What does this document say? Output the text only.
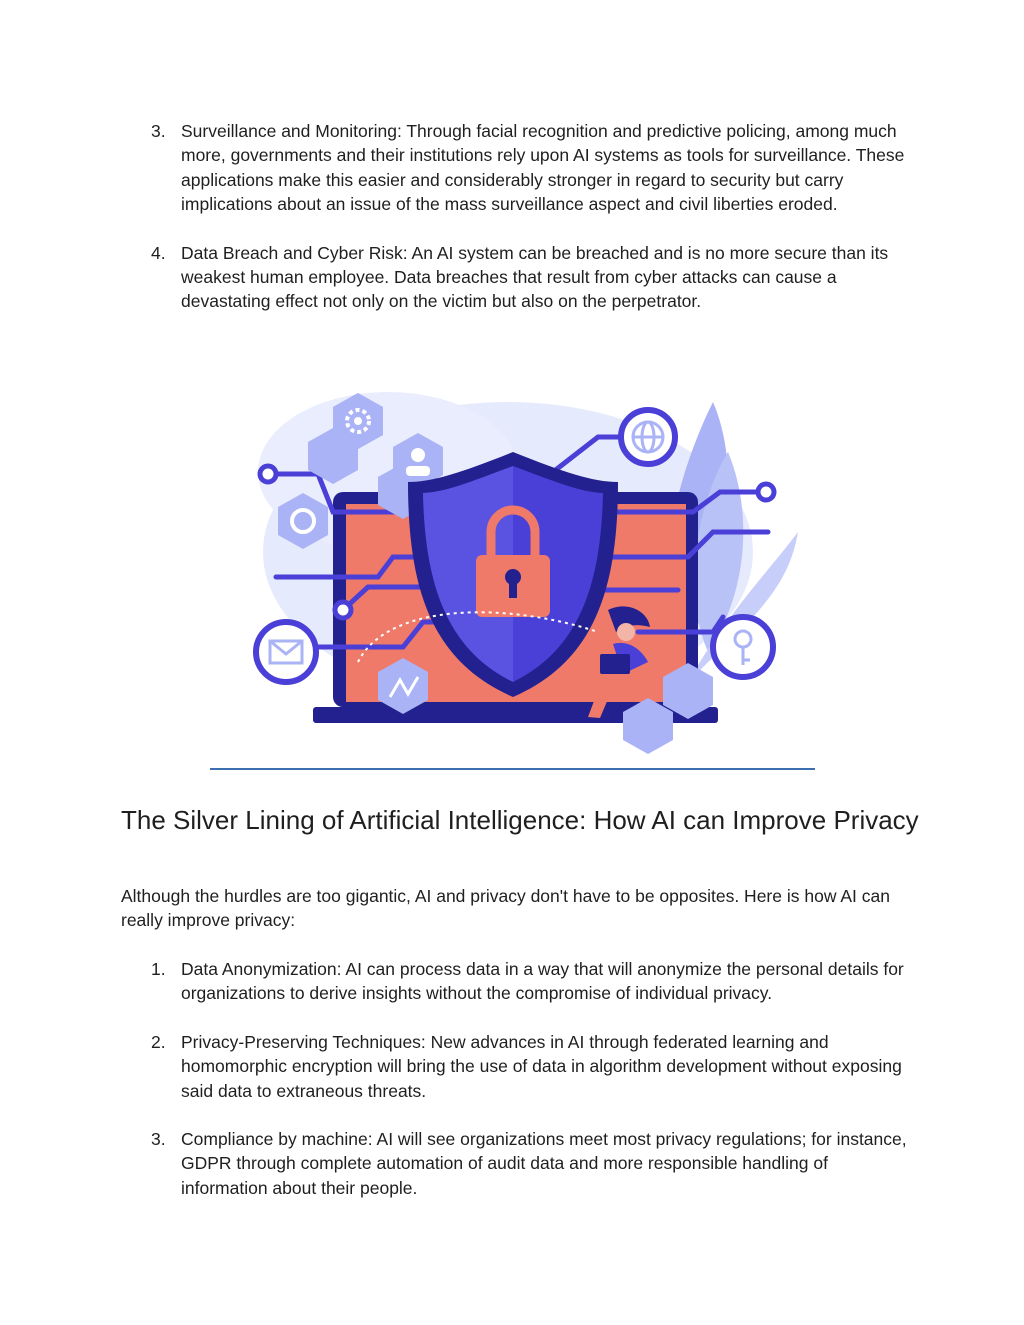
3. Surveillance and Monitoring: Through facial recognition and predictive policing, among much more, governments and their institutions rely upon AI systems as tools for surveillance. These applications make this easier and considerably stronger in regard to security but carry implications about an issue of the mass surveillance aspect and civil liberties eroded.
4. Data Breach and Cyber Risk: An AI system can be breached and is no more secure than its weakest human employee. Data breaches that result from cyber attacks can cause a devastating effect not only on the victim but also on the perpetrator.
The Silver Lining of Artificial Intelligence: How AI can Improve Privacy

Although the hurdles are too gigantic, AI and privacy don't have to be opposites. Here is how AI can really improve privacy:

1. Data Anonymization: AI can process data in a way that will anonymize the personal details for organizations to derive insights without the compromise of individual privacy.
2. Privacy-Preserving Techniques: New advances in AI through federated learning and homomorphic encryption will bring the use of data in algorithm development without exposing said data to extraneous threats.
3. Compliance by machine: AI will see organizations meet most privacy regulations; for instance, GDPR through complete automation of audit data and more responsible handling of information about their people.
